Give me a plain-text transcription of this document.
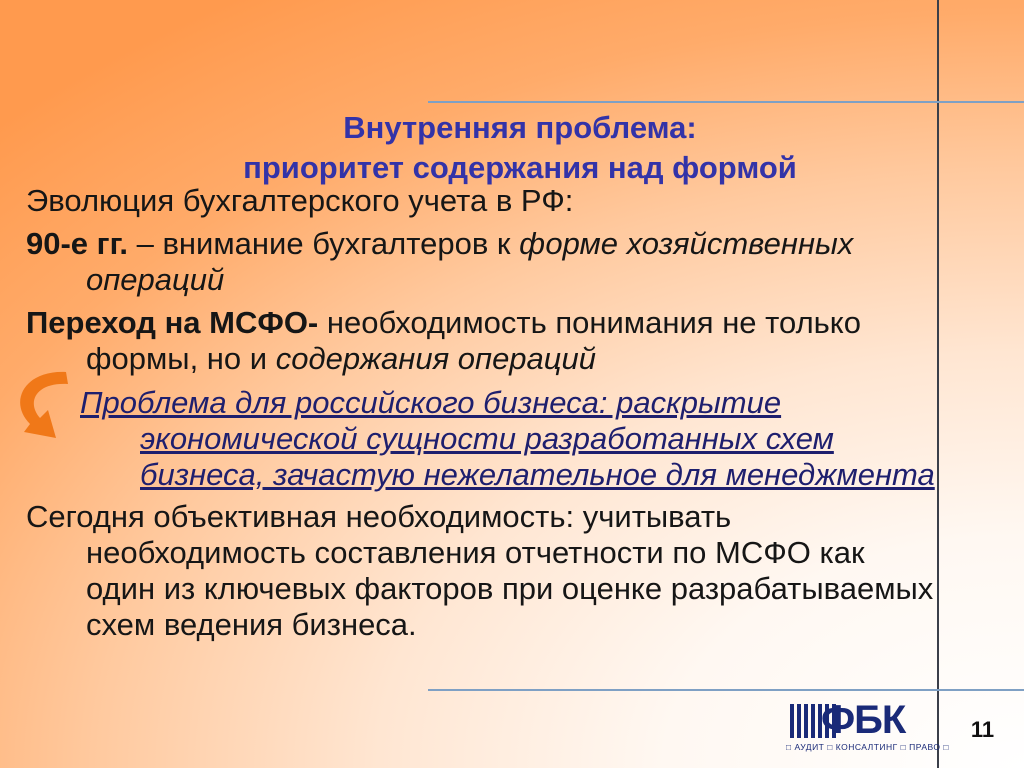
Внутренняя проблема:
приоритет содержания над формой

Эволюция бухгалтерского учета в РФ:

90-е гг. – внимание бухгалтеров к форме хозяйственных операций

Переход на МСФО- необходимость понимания не только формы, но и содержания операций

Проблема для российского бизнеса: раскрытие экономической сущности разработанных схем бизнеса, зачастую нежелательное для менеджмента

Сегодня объективная необходимость: учитывать необходимость составления отчетности по МСФО как один из ключевых факторов при оценке разрабатываемых схем ведения бизнеса.

ФБК
□ АУДИТ □ КОНСАЛТИНГ □ ПРАВО □
11
